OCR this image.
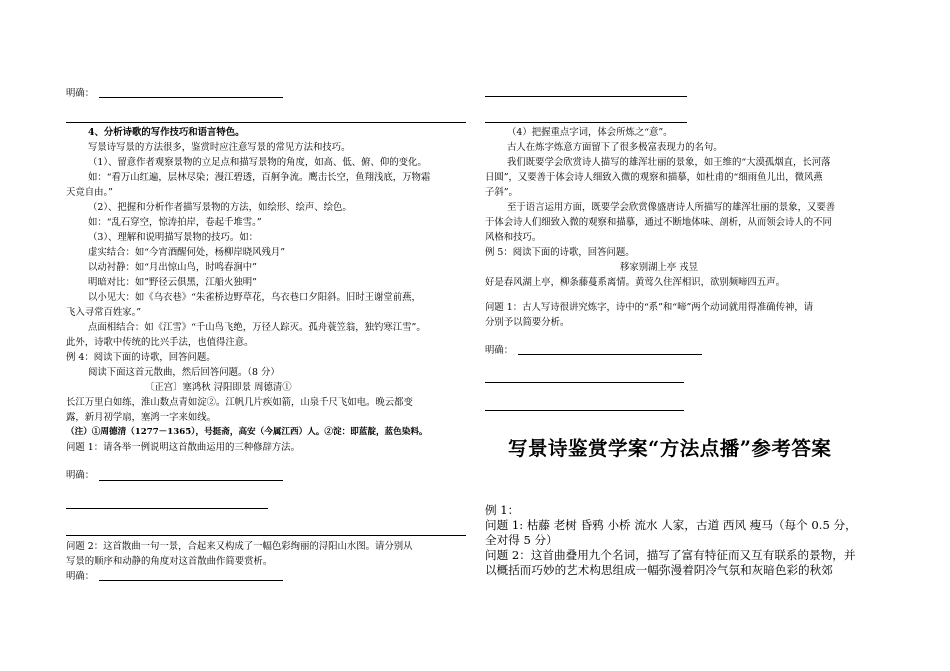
明确：
4、分析诗歌的写作技巧和语言特色。
写景诗写景的方法很多，鉴赏时应注意写景的常见方法和技巧。
（1）、留意作者观察景物的立足点和描写景物的角度，如高、低、俯、仰的变化。
如：“看万山红遍，层林尽染；漫江碧透，百舸争流。鹰击长空，鱼翔浅底，万物霜
天竞自由。”
（2）、把握和分析作者描写景物的方法，如绘形、绘声、绘色。
如：“乱石穿空，惊涛拍岸，卷起千堆雪。”
（3）、理解和说明描写景物的技巧。如：
虚实结合：如“今宵酒醒何处，杨柳岸晓风残月”
以动衬静：如“月出惊山鸟，时鸣春涧中”
明暗对比：如”野径云俱黑，江船火独明”
以小见大：如《乌衣巷》“朱雀桥边野草花，乌衣巷口夕阳斜。旧时王谢堂前燕，
飞入寻常百姓家。”
点面相结合：如《江雪》“千山鸟飞绝，万径人踪灭。孤舟蓑笠翁，独钓寒江雪”。
此外，诗歌中传统的比兴手法，也值得注意。
例 4：阅读下面的诗歌，回答问题。
阅读下面这首元散曲，然后回答问题。（8 分）
〔正宫〕塞鸿秋 浔阳即景 周德清①
长江万里白如练，淮山数点青如淀②。江帆几片疾如箭，山泉千尺飞如电。晚云都变
露，新月初学扇，塞鸿一字来如线。
（注）①周德清（1277－1365），号挺斋，高安（今属江西）人。②淀：即蓝靛，蓝色染料。
问题 1：请各举一例说明这首散曲运用的三种修辞方法。
明确：
问题 2：这首散曲一句一景，合起来又构成了一幅色彩绚丽的浔阳山水图。请分别从
写景的顺序和动静的角度对这首散曲作简要赏析。
明确：
（4）把握重点字词，体会所炼之“意”。
古人在炼字炼意方面留下了很多极富表现力的名句。
我们既要学会欣赏诗人描写的雄浑壮丽的景象，如王维的“大漠孤烟直，长河落
日圆”，又要善于体会诗人细致入微的观察和描摹，如杜甫的“细雨鱼儿出，微风燕
子斜”。
至于语言运用方面，既要学会欣赏像盛唐诗人所描写的雄浑壮丽的景象，又要善
于体会诗人们细致入微的观察和描摹，通过不断地体味、剖析，从而领会诗人的不同
风格和技巧。
例 5：阅读下面的诗歌，回答问题。
移家别湖上亭 戎昱
好是春风湖上亭，柳条藤蔓系离情。黄莺久住浑相识，欲别频啼四五声。
问题 1：古人写诗很讲究炼字，诗中的“系”和“啼”两个动词就用得准确传神，请
分别予以简要分析。
明确：
写景诗鉴赏学案“方法点播”参考答案
例 1：
问题 1: 枯藤 老树 昏鸦 小桥 流水 人家，古道 西风 瘦马（每个 0.5 分，
全对得 5 分）
问题 2：这首曲叠用九个名词，描写了富有特征而又互有联系的景物，并
以概括而巧妙的艺术构思组成一幅弥漫着阴冷气氛和灰暗色彩的秋郊
